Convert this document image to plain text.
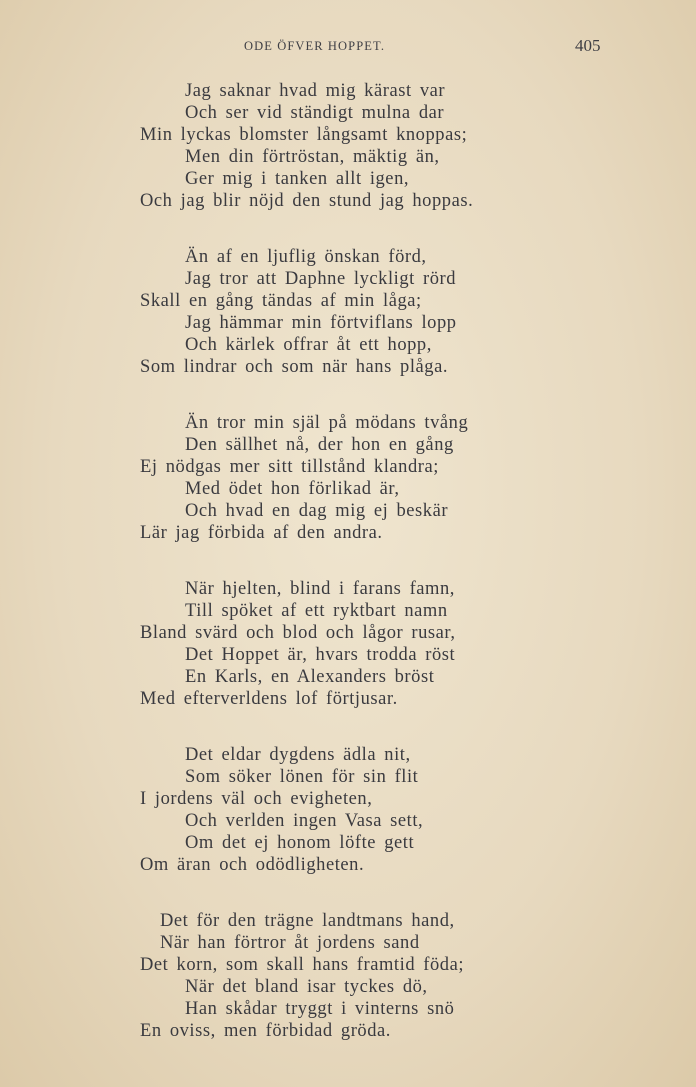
ODE ÖFVER HOPPET.	405
Jag saknar hvad mig kärast var
Och ser vid ständigt mulna dar
Min lyckas blomster långsamt knoppas;
Men din förtröstan, mäktig än,
Ger mig i tanken allt igen,
Och jag blir nöjd den stund jag hoppas.
Än af en ljuflig önskan förd,
Jag tror att Daphne lyckligt rörd
Skall en gång tändas af min låga;
Jag hämmar min förtviflans lopp
Och kärlek offrar åt ett hopp,
Som lindrar och som när hans plåga.
Än tror min själ på mödans tvång
Den sällhet nå, der hon en gång
Ej nödgas mer sitt tillstånd klandra;
Med ödet hon förlikad är,
Och hvad en dag mig ej beskär
Lär jag förbida af den andra.
När hjelten, blind i farans famn,
Till spöket af ett ryktbart namn
Bland svärd och blod och lågor rusar,
Det Hoppet är, hvars trodda röst
En Karls, en Alexanders bröst
Med efterverldens lof förtjusar.
Det eldar dygdens ädla nit,
Som söker lönen för sin flit
I jordens väl och evigheten,
Och verlden ingen Vasa sett,
Om det ej honom löfte gett
Om äran och odödligheten.
Det för den trägne landtmans hand,
När han förtror åt jordens sand
Det korn, som skall hans framtid föda;
När det bland isar tyckes dö,
Han skådar tryggt i vinterns snö
En oviss, men förbidad gröda.
